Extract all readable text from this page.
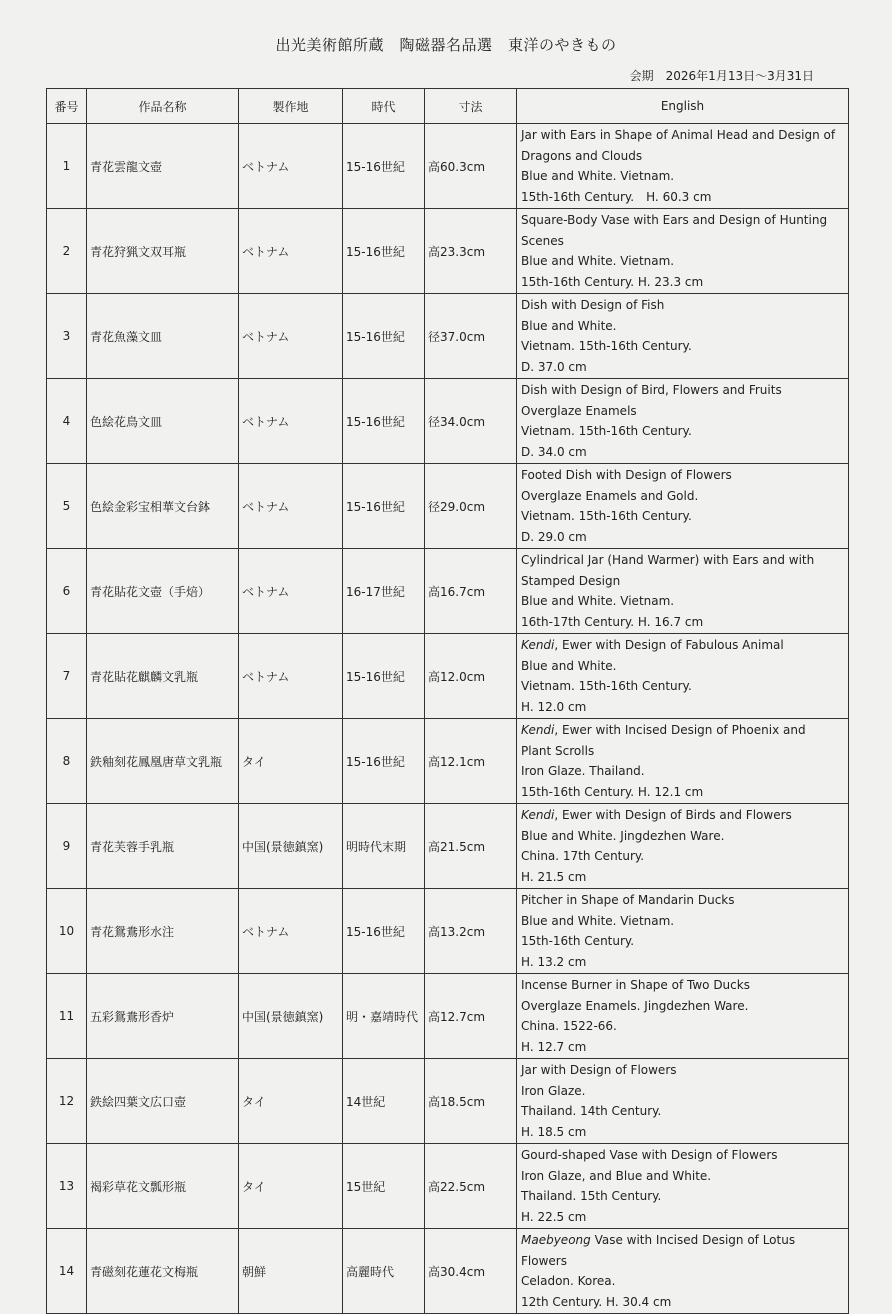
出光美術館所蔵　陶磁器名品選　東洋のやきもの
会期　2026年1月13日〜3月31日
番号	作品名称	製作地	時代	寸法	English
1	青花雲龍文壺	ベトナム	15-16世紀	高60.3cm	Jar with Ears in Shape of Animal Head and Design of
Dragons and Clouds
Blue and White. Vietnam.
15th-16th Century.　H. 60.3 cm

2	青花狩猟文双耳瓶	ベトナム	15-16世紀	高23.3cm	Square-Body Vase with Ears and Design of Hunting
Scenes
Blue and White. Vietnam.
15th-16th Century. H. 23.3 cm

3	青花魚藻文皿	ベトナム	15-16世紀	径37.0cm	Dish with Design of Fish
Blue and White.
Vietnam. 15th-16th Century.
D. 37.0 cm

4	色絵花鳥文皿	ベトナム	15-16世紀	径34.0cm	Dish with Design of Bird, Flowers and Fruits
Overglaze Enamels
Vietnam. 15th-16th Century.
D. 34.0 cm

5	色絵金彩宝相華文台鉢	ベトナム	15-16世紀	径29.0cm	Footed Dish with Design of Flowers
Overglaze Enamels and Gold.
Vietnam. 15th-16th Century.
D. 29.0 cm

6	青花貼花文壺（手焙）	ベトナム	16-17世紀	高16.7cm	Cylindrical Jar (Hand Warmer) with Ears and with
Stamped Design
Blue and White. Vietnam.
16th-17th Century. H. 16.7 cm

7	青花貼花麒麟文乳瓶	ベトナム	15-16世紀	高12.0cm	Kendi, Ewer with Design of Fabulous Animal
Blue and White.
Vietnam. 15th-16th Century.
H. 12.0 cm

8	鉄釉刻花鳳凰唐草文乳瓶	タイ	15-16世紀	高12.1cm	Kendi, Ewer with Incised Design of Phoenix and
Plant Scrolls
Iron Glaze. Thailand.
15th-16th Century. H. 12.1 cm

9	青花芙蓉手乳瓶	中国(景徳鎮窯)	明時代末期	高21.5cm	Kendi, Ewer with Design of Birds and Flowers
Blue and White. Jingdezhen Ware.
China. 17th Century.
H. 21.5 cm

10	青花鴛鴦形水注	ベトナム	15-16世紀	高13.2cm	Pitcher in Shape of Mandarin Ducks
Blue and White. Vietnam.
15th-16th Century.
H. 13.2 cm

11	五彩鴛鴦形香炉	中国(景徳鎮窯)	明・嘉靖時代	高12.7cm	Incense Burner in Shape of Two Ducks
Overglaze Enamels. Jingdezhen Ware.
China. 1522-66.
H. 12.7 cm

12	鉄絵四葉文広口壺	タイ	14世紀	高18.5cm	Jar with Design of Flowers
Iron Glaze.
Thailand. 14th Century.
H. 18.5 cm

13	褐彩草花文瓢形瓶	タイ	15世紀	高22.5cm	Gourd-shaped Vase with Design of Flowers
Iron Glaze, and Blue and White.
Thailand. 15th Century.
H. 22.5 cm

14	青磁刻花蓮花文梅瓶	朝鮮	高麗時代	高30.4cm	Maebyeong Vase with Incised Design of Lotus
Flowers
Celadon. Korea.
12th Century. H. 30.4 cm
